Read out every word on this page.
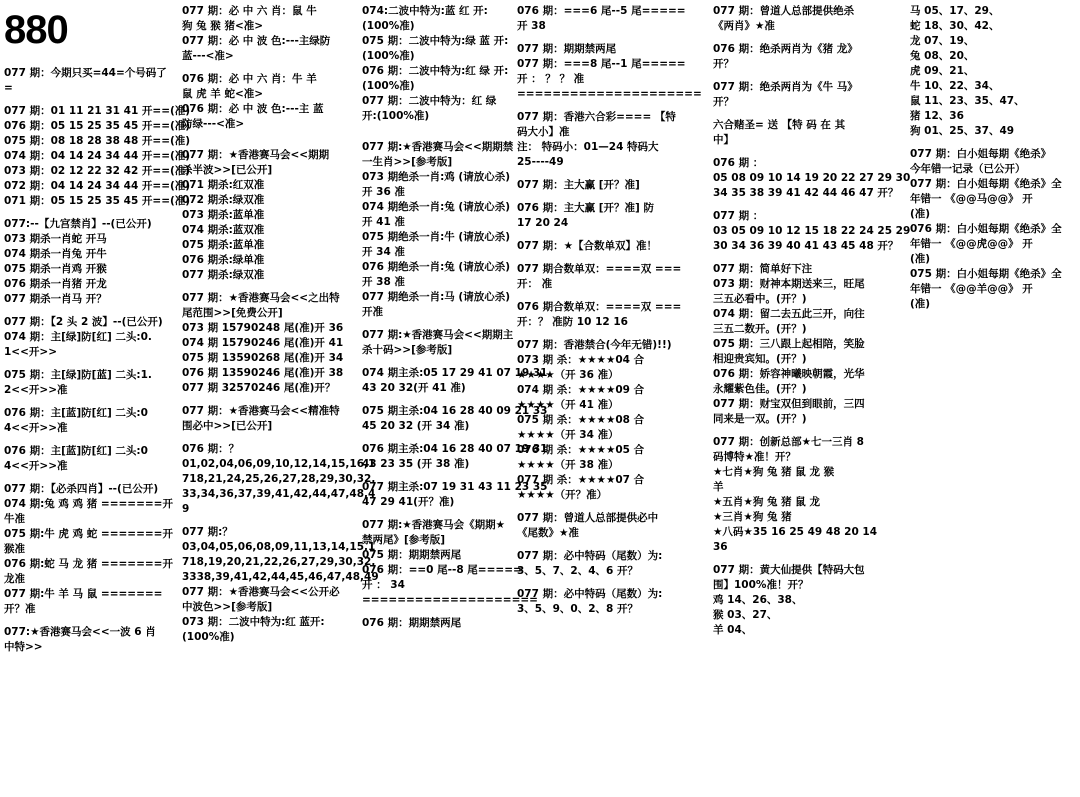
880
077 期：今期只买=44=个号码了
=
077 期：01 11 21 31 41 开==(准)
076 期：05 15 25 35 45 开==(准)
075 期：08 18 28 38 48 开==(准)
074 期：04 14 24 34 44 开==(准)
073 期：02 12 22 32 42 开==(准)
072 期：04 14 24 34 44 开==(准)
071 期：05 15 25 35 45 开==(准)
077:--【九宫禁肖】--(已公开)
073 期杀一肖蛇 开马
074 期杀一肖兔 开牛
075 期杀一肖鸡 开猴
076 期杀一肖猪 开龙
077 期杀一肖马 开？
077 期：【2 头 2 波】--(已公开)
074 期：主[绿]防[红] 二头:0.
1<<开>>
075 期：主[绿]防[蓝] 二头:1.
2<<开>>准
076 期：主[蓝]防[红] 二头:0
4<<开>>准
076 期：主[蓝]防[红] 二头:0
4<<开>>准
077 期：【必杀四肖】--(已公开)
074 期:兔 鸡 鸡 猪 =======开
牛准
075 期:牛 虎 鸡 蛇 =======开
猴准
076 期:蛇 马 龙 猪 =======开
龙准
077 期:牛 羊 马 鼠 =======
开？准
077:★香港赛马会<<一波 6 肖
中特>>
077 期：必 中 六 肖：鼠 牛
狗 兔 猴 猪<准>
077 期：必 中 波 色:---主绿防
蓝---<准>
076 期：必 中 六 肖：牛 羊
鼠 虎 羊 蛇<准>
076 期：必 中 波 色:---主 蓝
防绿---<准>
077 期：★香港赛马会<<期期
杀半波>>[已公开]
071 期杀:红双准
072 期杀:绿双准
073 期杀:蓝单准
074 期杀:蓝双准
075 期杀:蓝单准
076 期杀:绿单准
077 期杀:绿双准
077 期：★香港赛马会<<之出特
尾范围>>[免费公开]
073 期 15790248 尾(准)开 36
074 期 15790246 尾(准)开 41
075 期 13590268 尾(准)开 34
076 期 13590246 尾(准)开 38
077 期 32570246 尾(准)开？
077 期：★香港赛马会<<精准特
围必中>>[已公开]
076 期：？
01,02,04,06,09,10,12,14,15,16,1
718,21,24,25,26,27,28,29,30,32,
33,34,36,37,39,41,42,44,47,48,4
9
077 期:？
03,04,05,06,08,09,11,13,14,15,1
718,19,20,21,22,26,27,29,30,32,
3338,39,41,42,44,45,46,47,48,49
077 期：★香港赛马会<<公开必
中波色>>[参考版]
073 期：二波中特为:红 蓝开:
(100%准)
074:二波中特为:蓝 红 开:
(100%准)
075 期：二波中特为:绿 蓝 开:
(100%准)
076 期：二波中特为:红 绿 开:
(100%准)
077 期：二波中特为：红 绿
开:(100%准)
077 期:★香港赛马会<<期期禁
一生肖>>[参考版]
073 期绝杀一肖:鸡 (请放心杀)
开 36 准
074 期绝杀一肖:兔 (请放心杀)
开 41 准
075 期绝杀一肖:牛 (请放心杀)
开 34 准
076 期绝杀一肖:兔 (请放心杀)
开 38 准
077 期绝杀一肖:马 (请放心杀)
开准
077 期:★香港赛马会<<期期主
杀十码>>[参考版]
074 期主杀:05 17 29 41 07 19 31
43 20 32(开 41 准)
075 期主杀:04 16 28 40 09 21 33
45 20 32 (开 34 准)
076 期主杀:04 16 28 40 07 19 31
43 23 35 (开 38 准)
077 期主杀:07 19 31 43 11 23 35
47 29 41(开？准)
077 期:★香港赛马会《期期★
禁两尾》[参考版]
075 期：期期禁两尾
076 期：==0 尾--8 尾=====
开 ： 34
====================
076 期：期期禁两尾
076 期：===6 尾--5 尾=====
开 38
077 期：期期禁两尾
077 期：===8 尾--1 尾=====
开 ： ？ ？ 准
=====================
077 期：香港六合彩==== 【特
码大小】准
注： 特码小：01—24 特码大
25----49
077 期：主大赢 [开？准]
076 期：主大赢 [开？准] 防
17 20 24
077 期：★【合数单双】准！
077 期合数单双：====双 ===
开： 准
076 期合数单双：====双 ===
开：？ 准防 10 12 16
077 期：香港禁合(今年无错)!!)
073 期 杀：★★★★04 合
★★★★（开 36 准）
074 期 杀：★★★★09 合
★★★★（开 41 准）
075 期 杀：★★★★08 合
★★★★（开 34 准）
076 期 杀：★★★★05 合
★★★★（开 38 准）
077 期 杀：★★★★07 合
★★★★（开？准）
077 期：曾道人总部提供必中
《尾数》★准
077 期：必中特码（尾数）为:
3、5、7、2、4、6 开？
077 期：必中特码（尾数）为:
3、5、9、0、2、8 开？
077 期：曾道人总部提供绝杀
《两肖》★准
076 期：绝杀两肖为《猪 龙》
开？
077 期：绝杀两肖为《牛 马》
开？
六合赌圣= 送 【特 码 在 其
中】
076 期 ：
05 08 09 10 14 19 20 22 27 29 30
34 35 38 39 41 42 44 46 47 开？
077 期 ：
03 05 09 10 12 15 18 22 24 25 29
30 34 36 39 40 41 43 45 48 开？
077 期：简单好下注
073 期：财神本期送来三，旺尾
三五必看中。(开？)
074 期：留二去五此三开，向往
三五二数开。(开？)
075 期：三八跟上起相陪，笑脸
相迎贵宾知。(开？)
076 期：娇容神曦映朝霞，光华
永耀紫色佳。(开？)
077 期：财宝双但到眼前，三四
同来是一双。(开？)
077 期：创新总部★七一三肖 8
码博特★准！开？
★七肖★狗 兔 猪 鼠 龙 猴
羊
★五肖★狗 兔 猪 鼠 龙
★三肖★狗 兔 猪
★八码★35 16 25 49 48 20 14
36
077 期：黄大仙提供【特码大包
围】100%准！开？
鸡 14、26、38、
猴 03、27、
羊 04、
马 05、17、29、
蛇 18、30、42、
龙 07、19、
兔 08、20、
虎 09、21、
牛 10、22、34、
鼠 11、23、35、47、
猪 12、36
狗 01、25、37、49
077 期：白小姐每期《绝杀》
今年错一记录（已公开）
077 期：白小姐每期《绝杀》全
年错一 《@@马@@》 开
(准)
076 期：白小姐每期《绝杀》全
年错一 《@@虎@@》 开
(准)
075 期：白小姐每期《绝杀》全
年错一 《@@羊@@》 开
(准)
